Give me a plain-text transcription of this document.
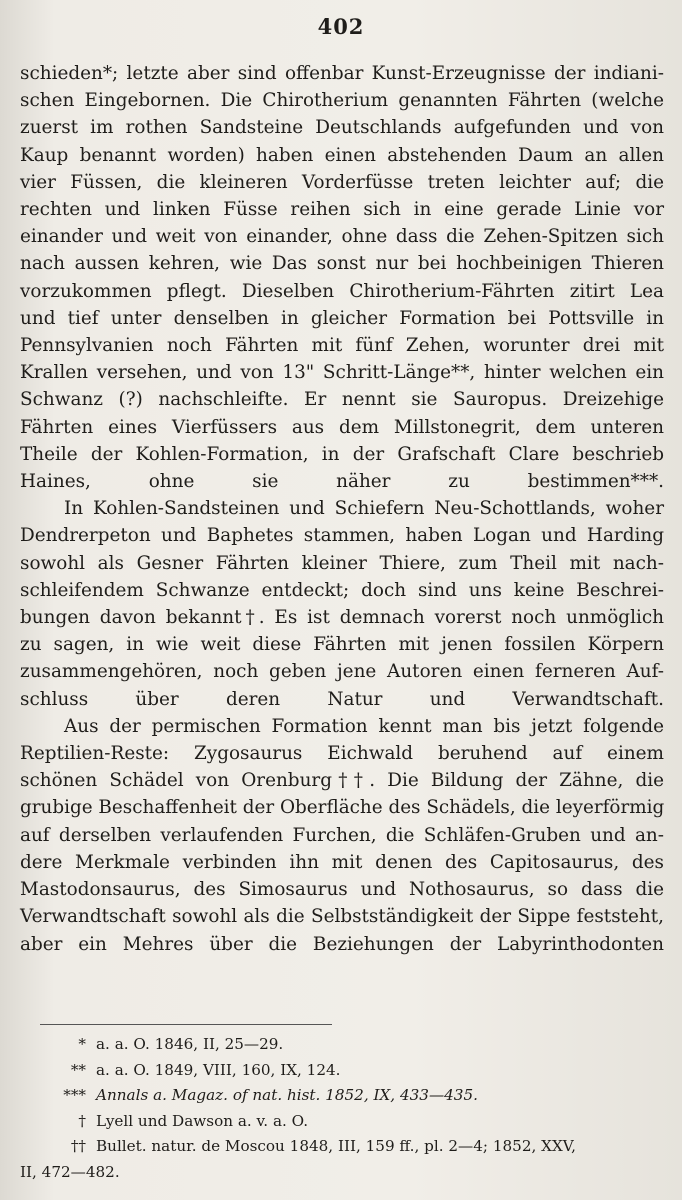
402

schieden*; letzte aber sind offenbar Kunst-Erzeugnisse der indiani-
schen Eingebornen. Die Chirotherium genannten Fährten (welche
zuerst im rothen Sandsteine Deutschlands aufgefunden und von
Kaup benannt worden) haben einen abstehenden Daum an allen
vier Füssen, die kleineren Vorderfüsse treten leichter auf; die
rechten und linken Füsse reihen sich in eine gerade Linie vor
einander und weit von einander, ohne dass die Zehen-Spitzen sich
nach aussen kehren, wie Das sonst nur bei hochbeinigen Thieren
vorzukommen pflegt. Dieselben Chirotherium-Fährten zitirt Lea
und tief unter denselben in gleicher Formation bei Pottsville in
Pennsylvanien noch Fährten mit fünf Zehen, worunter drei mit
Krallen versehen, und von 13" Schritt-Länge**, hinter welchen ein
Schwanz (?) nachschleifte. Er nennt sie Sauropus. Dreizehige
Fährten eines Vierfüssers aus dem Millstonegrit, dem unteren
Theile der Kohlen-Formation, in der Grafschaft Clare beschrieb
Haines, ohne sie näher zu bestimmen***.

In Kohlen-Sandsteinen und Schiefern Neu-Schottlands, woher
Dendrerpeton und Baphetes stammen, haben Logan und Harding
sowohl als Gesner Fährten kleiner Thiere, zum Theil mit nach-
schleifendem Schwanze entdeckt; doch sind uns keine Beschrei-
bungen davon bekannt†. Es ist demnach vorerst noch unmöglich
zu sagen, in wie weit diese Fährten mit jenen fossilen Körpern
zusammengehören, noch geben jene Autoren einen ferneren Auf-
schluss über deren Natur und Verwandtschaft.

Aus der permischen Formation kennt man bis jetzt folgende
Reptilien-Reste: Zygosaurus Eichwald beruhend auf einem
schönen Schädel von Orenburg††. Die Bildung der Zähne, die
grubige Beschaffenheit der Oberfläche des Schädels, die leyerförmig
auf derselben verlaufenden Furchen, die Schläfen-Gruben und an-
dere Merkmale verbinden ihn mit denen des Capitosaurus, des
Mastodonsaurus, des Simosaurus und Nothosaurus, so dass die
Verwandtschaft sowohl als die Selbstständigkeit der Sippe feststeht,
aber ein Mehres über die Beziehungen der Labyrinthodonten

* a. a. O. 1846, II, 25—29.
** a. a. O. 1849, VIII, 160, IX, 124.
*** Annals a. Magaz. of nat. hist. 1852, IX, 433—435.
† Lyell und Dawson a. v. a. O.
†† Bullet. natur. de Moscou 1848, III, 159 ff., pl. 2—4; 1852, XXV,
II, 472—482.
